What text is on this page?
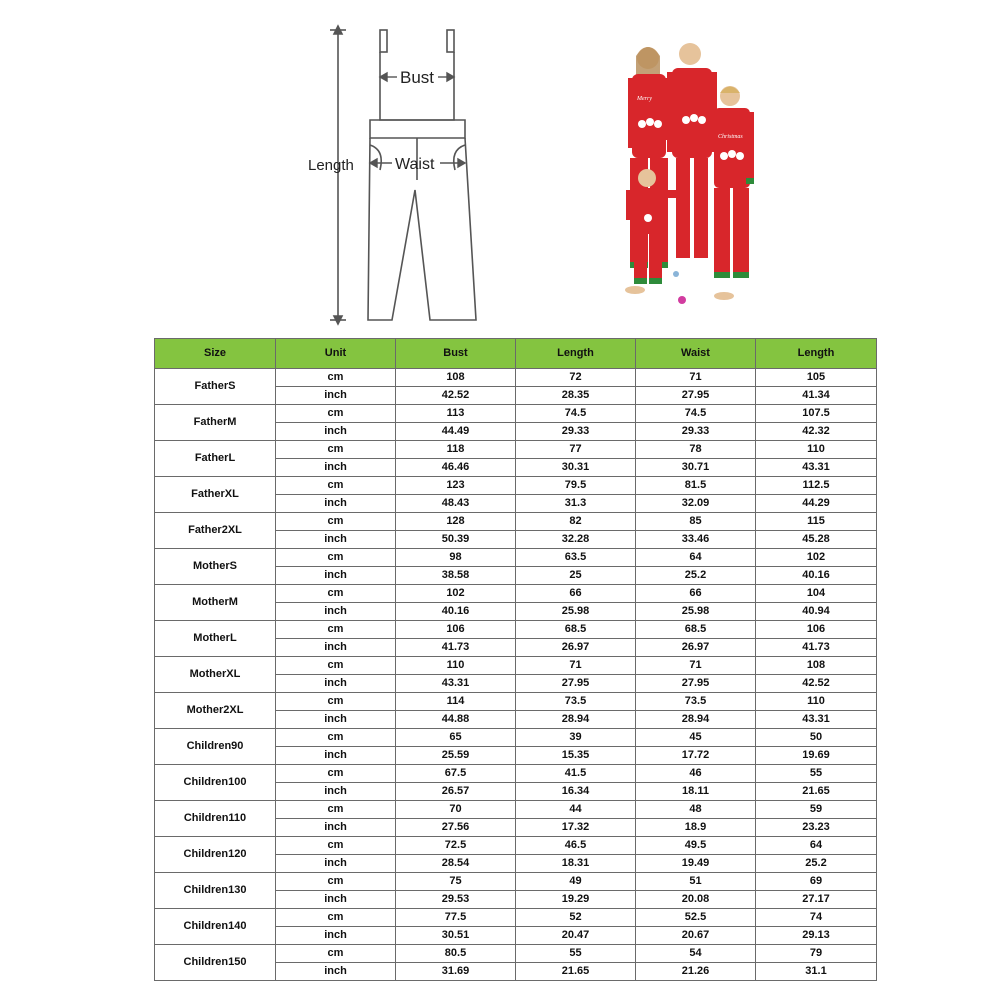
Bust
Length	Waist
Merry
Christmas
Size	Unit	Bust	Length	Waist	Length
FatherS	cm	108	72	71	105
	inch	42.52	28.35	27.95	41.34
FatherM	cm	113	74.5	74.5	107.5
	inch	44.49	29.33	29.33	42.32
FatherL	cm	118	77	78	110
	inch	46.46	30.31	30.71	43.31
FatherXL	cm	123	79.5	81.5	112.5
	inch	48.43	31.3	32.09	44.29
Father2XL	cm	128	82	85	115
	inch	50.39	32.28	33.46	45.28
MotherS	cm	98	63.5	64	102
	inch	38.58	25	25.2	40.16
MotherM	cm	102	66	66	104
	inch	40.16	25.98	25.98	40.94
MotherL	cm	106	68.5	68.5	106
	inch	41.73	26.97	26.97	41.73
MotherXL	cm	110	71	71	108
	inch	43.31	27.95	27.95	42.52
Mother2XL	cm	114	73.5	73.5	110
	inch	44.88	28.94	28.94	43.31
Children90	cm	65	39	45	50
	inch	25.59	15.35	17.72	19.69
Children100	cm	67.5	41.5	46	55
	inch	26.57	16.34	18.11	21.65
Children110	cm	70	44	48	59
	inch	27.56	17.32	18.9	23.23
Children120	cm	72.5	46.5	49.5	64
	inch	28.54	18.31	19.49	25.2
Children130	cm	75	49	51	69
	inch	29.53	19.29	20.08	27.17
Children140	cm	77.5	52	52.5	74
	inch	30.51	20.47	20.67	29.13
Children150	cm	80.5	55	54	79
	inch	31.69	21.65	21.26	31.1
